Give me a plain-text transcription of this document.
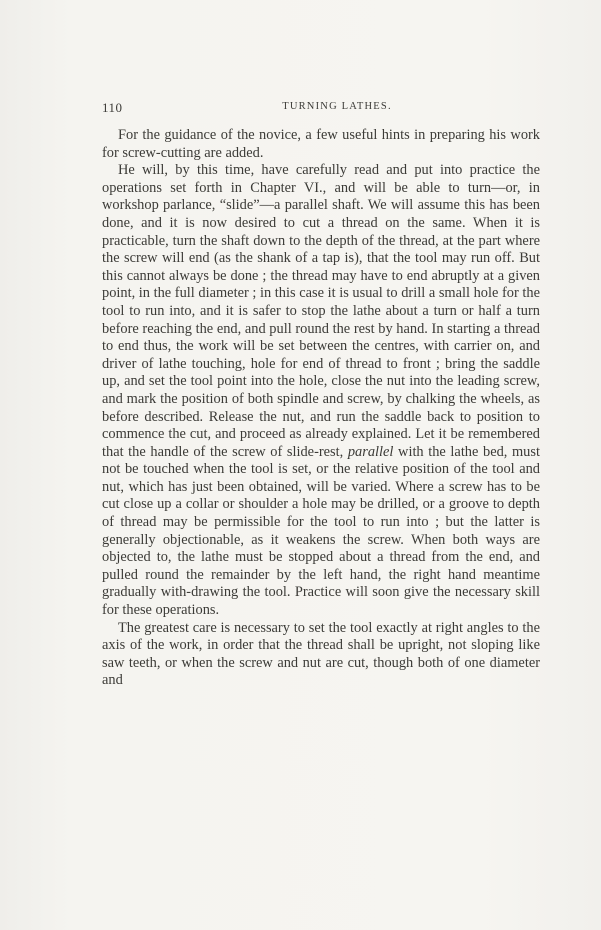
110	TURNING LATHES.

For the guidance of the novice, a few useful hints in preparing his work for screw-cutting are added.

He will, by this time, have carefully read and put into practice the operations set forth in Chapter VI., and will be able to turn—or, in workshop parlance, “slide”—a parallel shaft. We will assume this has been done, and it is now desired to cut a thread on the same. When it is practicable, turn the shaft down to the depth of the thread, at the part where the screw will end (as the shank of a tap is), that the tool may run off. But this cannot always be done ; the thread may have to end abruptly at a given point, in the full diameter ; in this case it is usual to drill a small hole for the tool to run into, and it is safer to stop the lathe about a turn or half a turn before reaching the end, and pull round the rest by hand. In starting a thread to end thus, the work will be set between the centres, with carrier on, and driver of lathe touching, hole for end of thread to front ; bring the saddle up, and set the tool point into the hole, close the nut into the leading screw, and mark the position of both spindle and screw, by chalking the wheels, as before described. Release the nut, and run the saddle back to position to commence the cut, and proceed as already explained. Let it be remembered that the handle of the screw of slide-rest, parallel with the lathe bed, must not be touched when the tool is set, or the relative position of the tool and nut, which has just been obtained, will be varied. Where a screw has to be cut close up a collar or shoulder a hole may be drilled, or a groove to depth of thread may be permissible for the tool to run into ; but the latter is generally objectionable, as it weakens the screw. When both ways are objected to, the lathe must be stopped about a thread from the end, and pulled round the remainder by the left hand, the right hand meantime gradually with-drawing the tool. Practice will soon give the necessary skill for these operations.

The greatest care is necessary to set the tool exactly at right angles to the axis of the work, in order that the thread shall be upright, not sloping like saw teeth, or when the screw and nut are cut, though both of one diameter and
